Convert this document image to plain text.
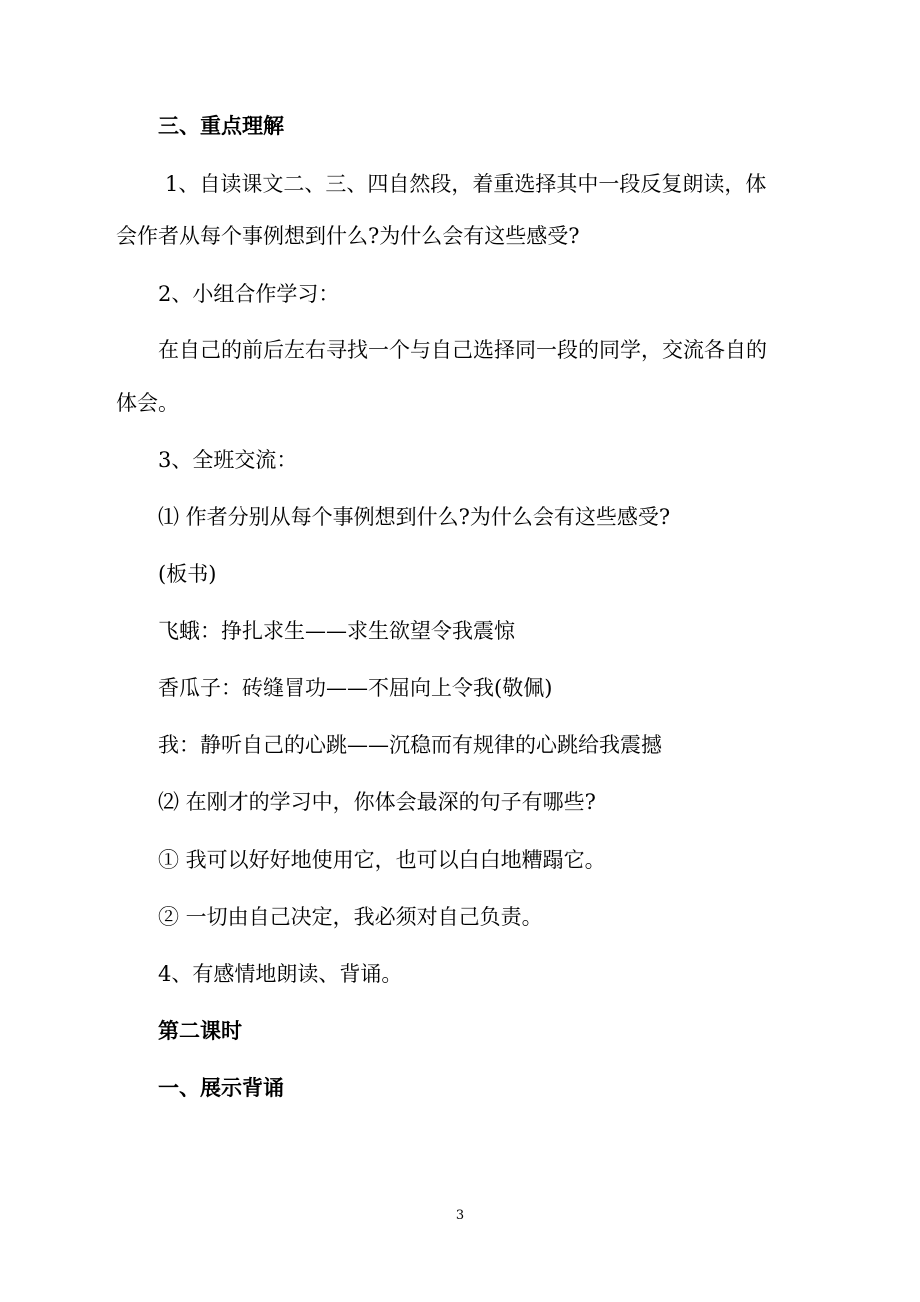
三、重点理解

1、自读课文二、三、四自然段，着重选择其中一段反复朗读，体

会作者从每个事例想到什么?为什么会有这些感受?

2、小组合作学习：

在自己的前后左右寻找一个与自己选择同一段的同学，交流各自的

体会。

3、全班交流：

⑴ 作者分别从每个事例想到什么?为什么会有这些感受?

(板书)

飞蛾：挣扎求生——求生欲望令我震惊

香瓜子：砖缝冒功——不屈向上令我(敬佩)

我：静听自己的心跳——沉稳而有规律的心跳给我震撼

⑵ 在刚才的学习中，你体会最深的句子有哪些?

① 我可以好好地使用它，也可以白白地糟蹋它。

② 一切由自己决定，我必须对自己负责。

4、有感情地朗读、背诵。

第二课时

一、展示背诵

3
